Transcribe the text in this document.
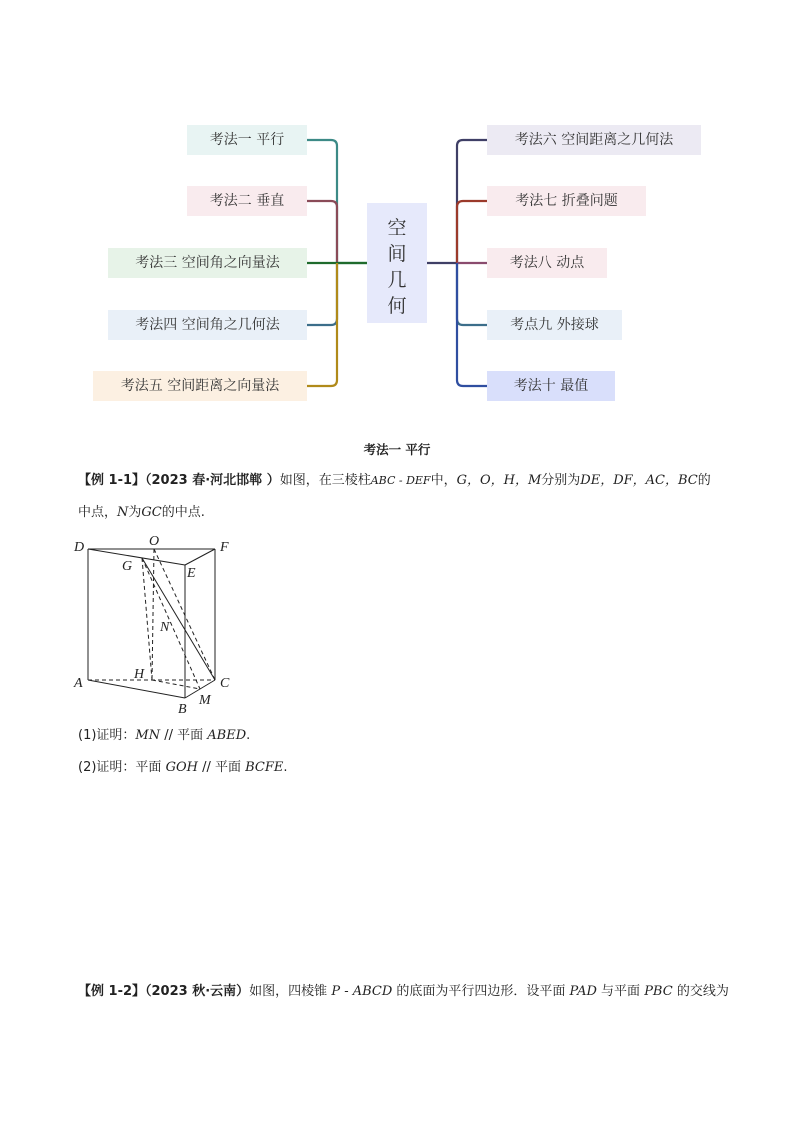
考法一 平行
考法二 垂直
考法三 空间角之向量法
考法四 空间角之几何法
考法五 空间距离之向量法
空
间
几
何
考法六 空间距离之几何法
考法七 折叠问题
考法八 动点
考点九 外接球
考法十 最值
考法一 平行
【例 1-1】（2023 春·河北邯郸 ）如图，在三棱柱ABC - DEF中，G，O，H，M分别为DE，DF，AC，BC的
中点，N为GC的中点.
D	O	F
G	E
N
A
H
C
M
B
(1)证明：MN // 平面 ABED.
(2)证明：平面 GOH // 平面 BCFE.
【例 1-2】（2023 秋·云南）如图，四棱锥 P - ABCD 的底面为平行四边形．设平面 PAD 与平面 PBC 的交线为
